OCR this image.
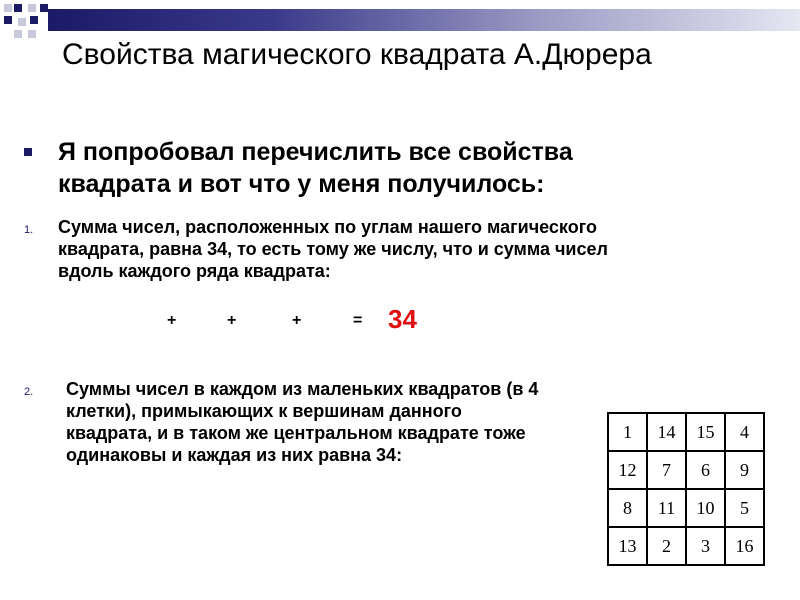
Свойства магического квадрата А.Дюрера

Я попробовал перечислить все свойства
квадрата и вот что у меня получилось:

1. Сумма чисел, расположенных по углам нашего магического
квадрата, равна 34, то есть тому же числу, что и сумма чисел
вдоль каждого ряда квадрата:

+	+	+	= 34
2. Суммы чисел в каждом из маленьких квадратов (в 4
клетки), примыкающих к вершинам данного
квадрата, и в таком же центральном квадрате тоже
одинаковы и каждая из них равна 34:

1	14	15	4
12	7	6	9
8	11	10	5
13	2	3	16
